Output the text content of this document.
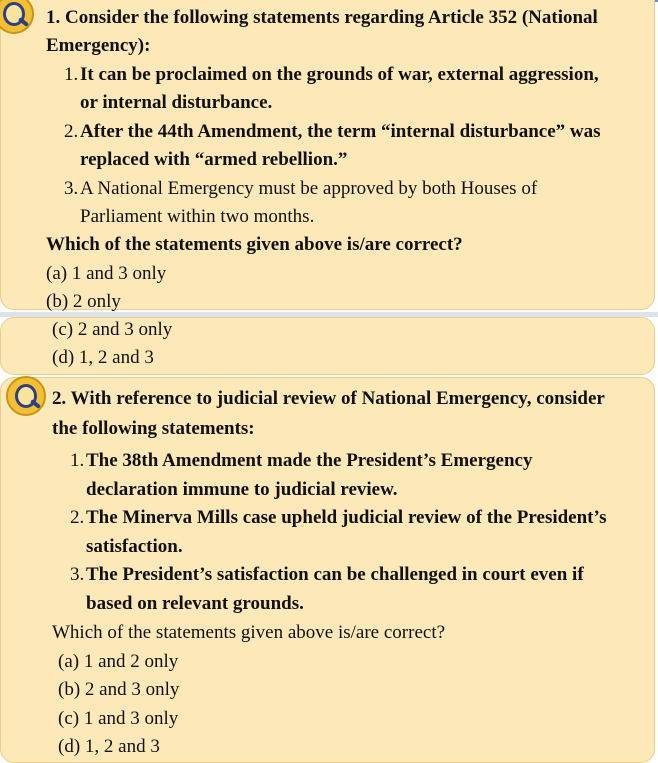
1. Consider the following statements regarding Article 352 (National
Emergency):
1. It can be proclaimed on the grounds of war, external aggression,
or internal disturbance.
2. After the 44th Amendment, the term “internal disturbance” was
replaced with “armed rebellion.”
3. A National Emergency must be approved by both Houses of
Parliament within two months.
Which of the statements given above is/are correct?
(a) 1 and 3 only
(b) 2 only
(c) 2 and 3 only
(d) 1, 2 and 3
2. With reference to judicial review of National Emergency, consider
the following statements:
1. The 38th Amendment made the President’s Emergency
declaration immune to judicial review.
2. The Minerva Mills case upheld judicial review of the President’s
satisfaction.
3. The President’s satisfaction can be challenged in court even if
based on relevant grounds.
Which of the statements given above is/are correct?
(a) 1 and 2 only
(b) 2 and 3 only
(c) 1 and 3 only
(d) 1, 2 and 3
